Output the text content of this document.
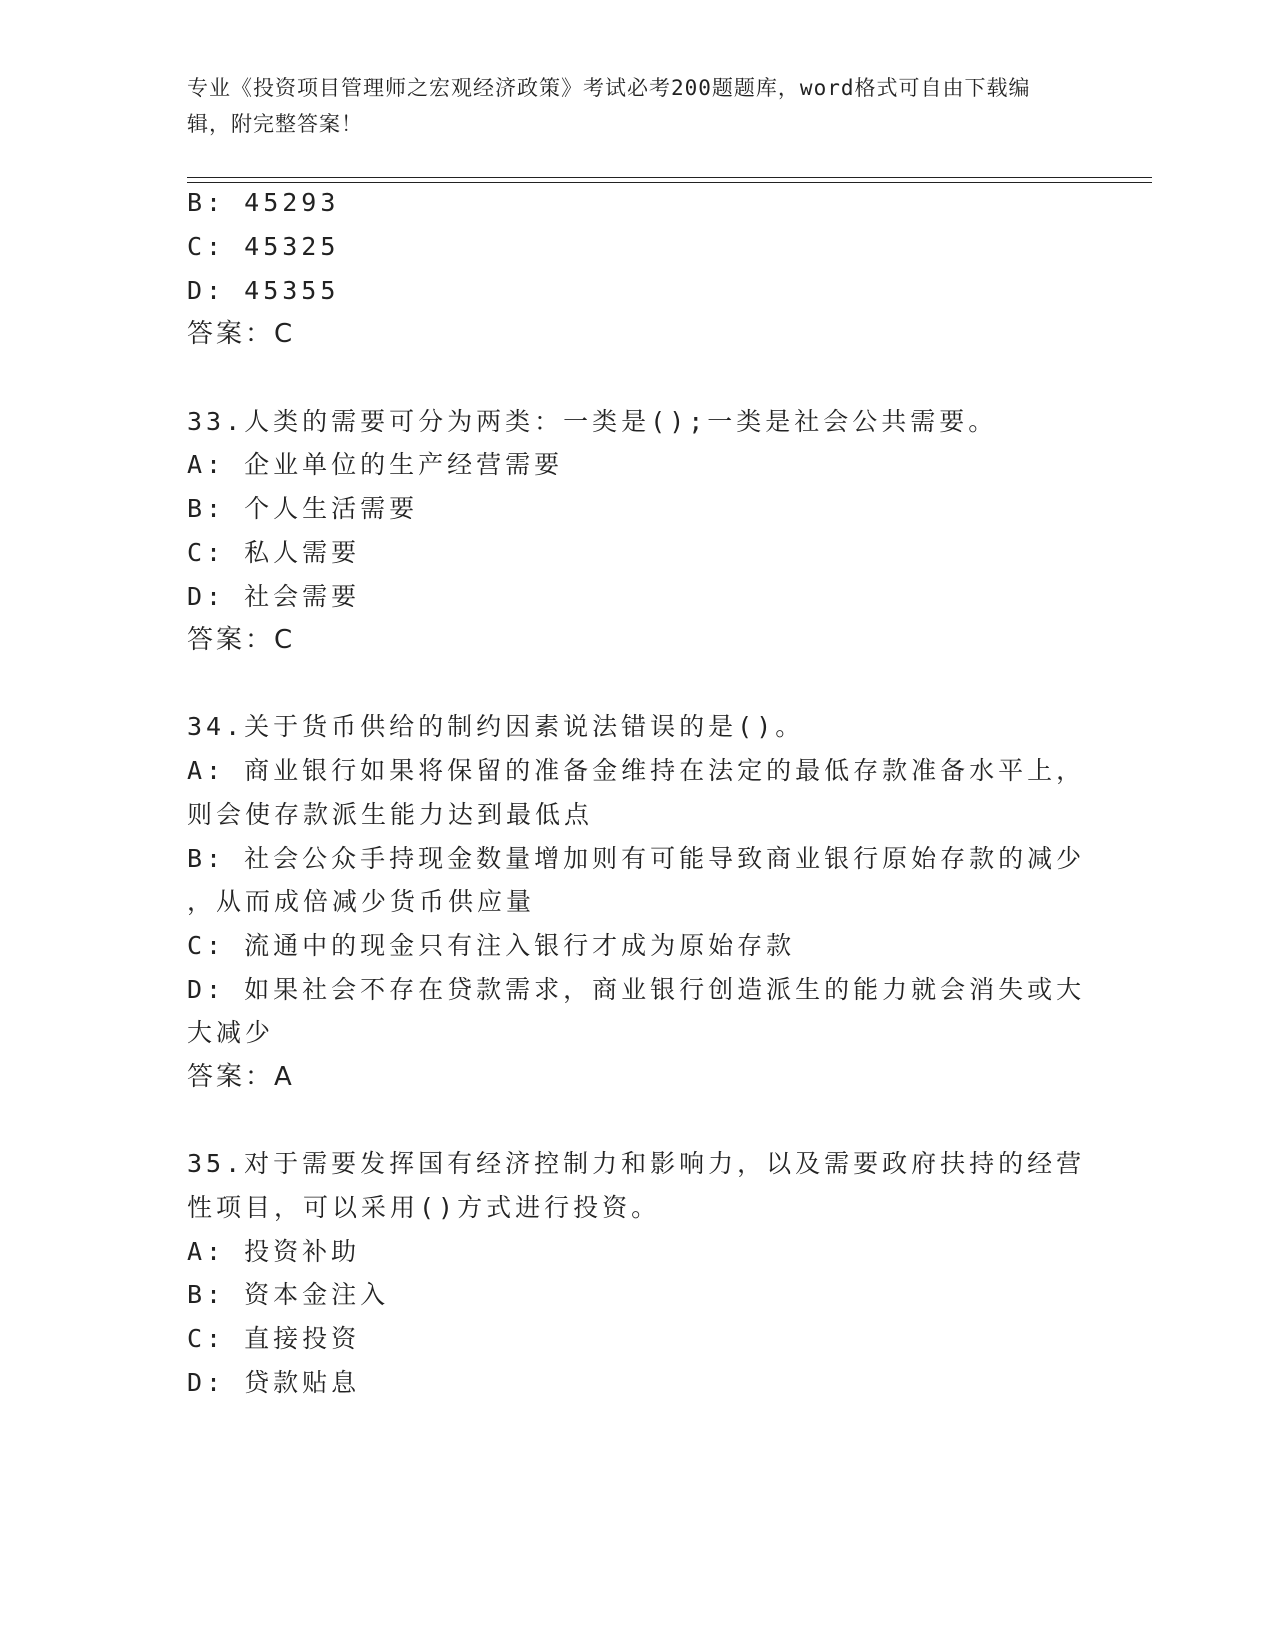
专业《投资项目管理师之宏观经济政策》考试必考200题题库，word格式可自由下载编辑，附完整答案！
B: 45293
C: 45325
D: 45355
答案：C
33.人类的需要可分为两类：一类是();一类是社会公共需要。
A: 企业单位的生产经营需要
B: 个人生活需要
C: 私人需要
D: 社会需要
答案：C
34.关于货币供给的制约因素说法错误的是()。
A: 商业银行如果将保留的准备金维持在法定的最低存款准备水平上，
则会使存款派生能力达到最低点
B: 社会公众手持现金数量增加则有可能导致商业银行原始存款的减少
，从而成倍减少货币供应量
C: 流通中的现金只有注入银行才成为原始存款
D: 如果社会不存在贷款需求，商业银行创造派生的能力就会消失或大
大减少
答案：A
35.对于需要发挥国有经济控制力和影响力，以及需要政府扶持的经营
性项目，可以采用()方式进行投资。
A: 投资补助
B: 资本金注入
C: 直接投资
D: 贷款贴息
